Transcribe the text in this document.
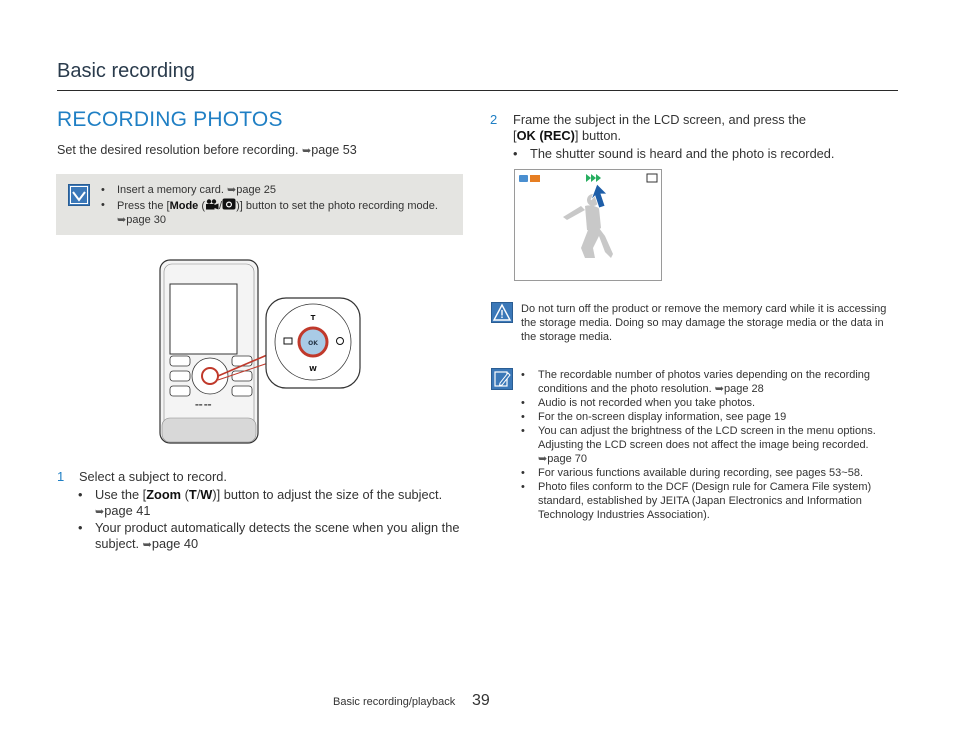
Basic recording
RECORDING PHOTOS
Set the desired resolution before recording. ➥page 53
• Insert a memory card. ➥page 25
• Press the [Mode ( / )] button to set the photo recording mode. ➥page 30
▬▬ ▬▬
OK
T
W
1 Select a subject to record.
• Use the [Zoom (T/W)] button to adjust the size of the subject.
➥page 41
• Your product automatically detects the scene when you align the subject. ➥page 40
2 Frame the subject in the LCD screen, and press the
[OK (REC)] button.
• The shutter sound is heard and the photo is recorded.
Do not turn off the product or remove the memory card while it is accessing the storage media. Doing so may damage the storage media or the data in the storage media.
• The recordable number of photos varies depending on the recording conditions and the photo resolution. ➥page 28
• Audio is not recorded when you take photos.
• For the on-screen display information, see page 19
• You can adjust the brightness of the LCD screen in the menu options. Adjusting the LCD screen does not affect the image being recorded. ➥page 70
• For various functions available during recording, see pages 53~58.
• Photo files conform to the DCF (Design rule for Camera File system) standard, established by JEITA (Japan Electronics and Information Technology Industries Association).
Basic recording/playback 39
